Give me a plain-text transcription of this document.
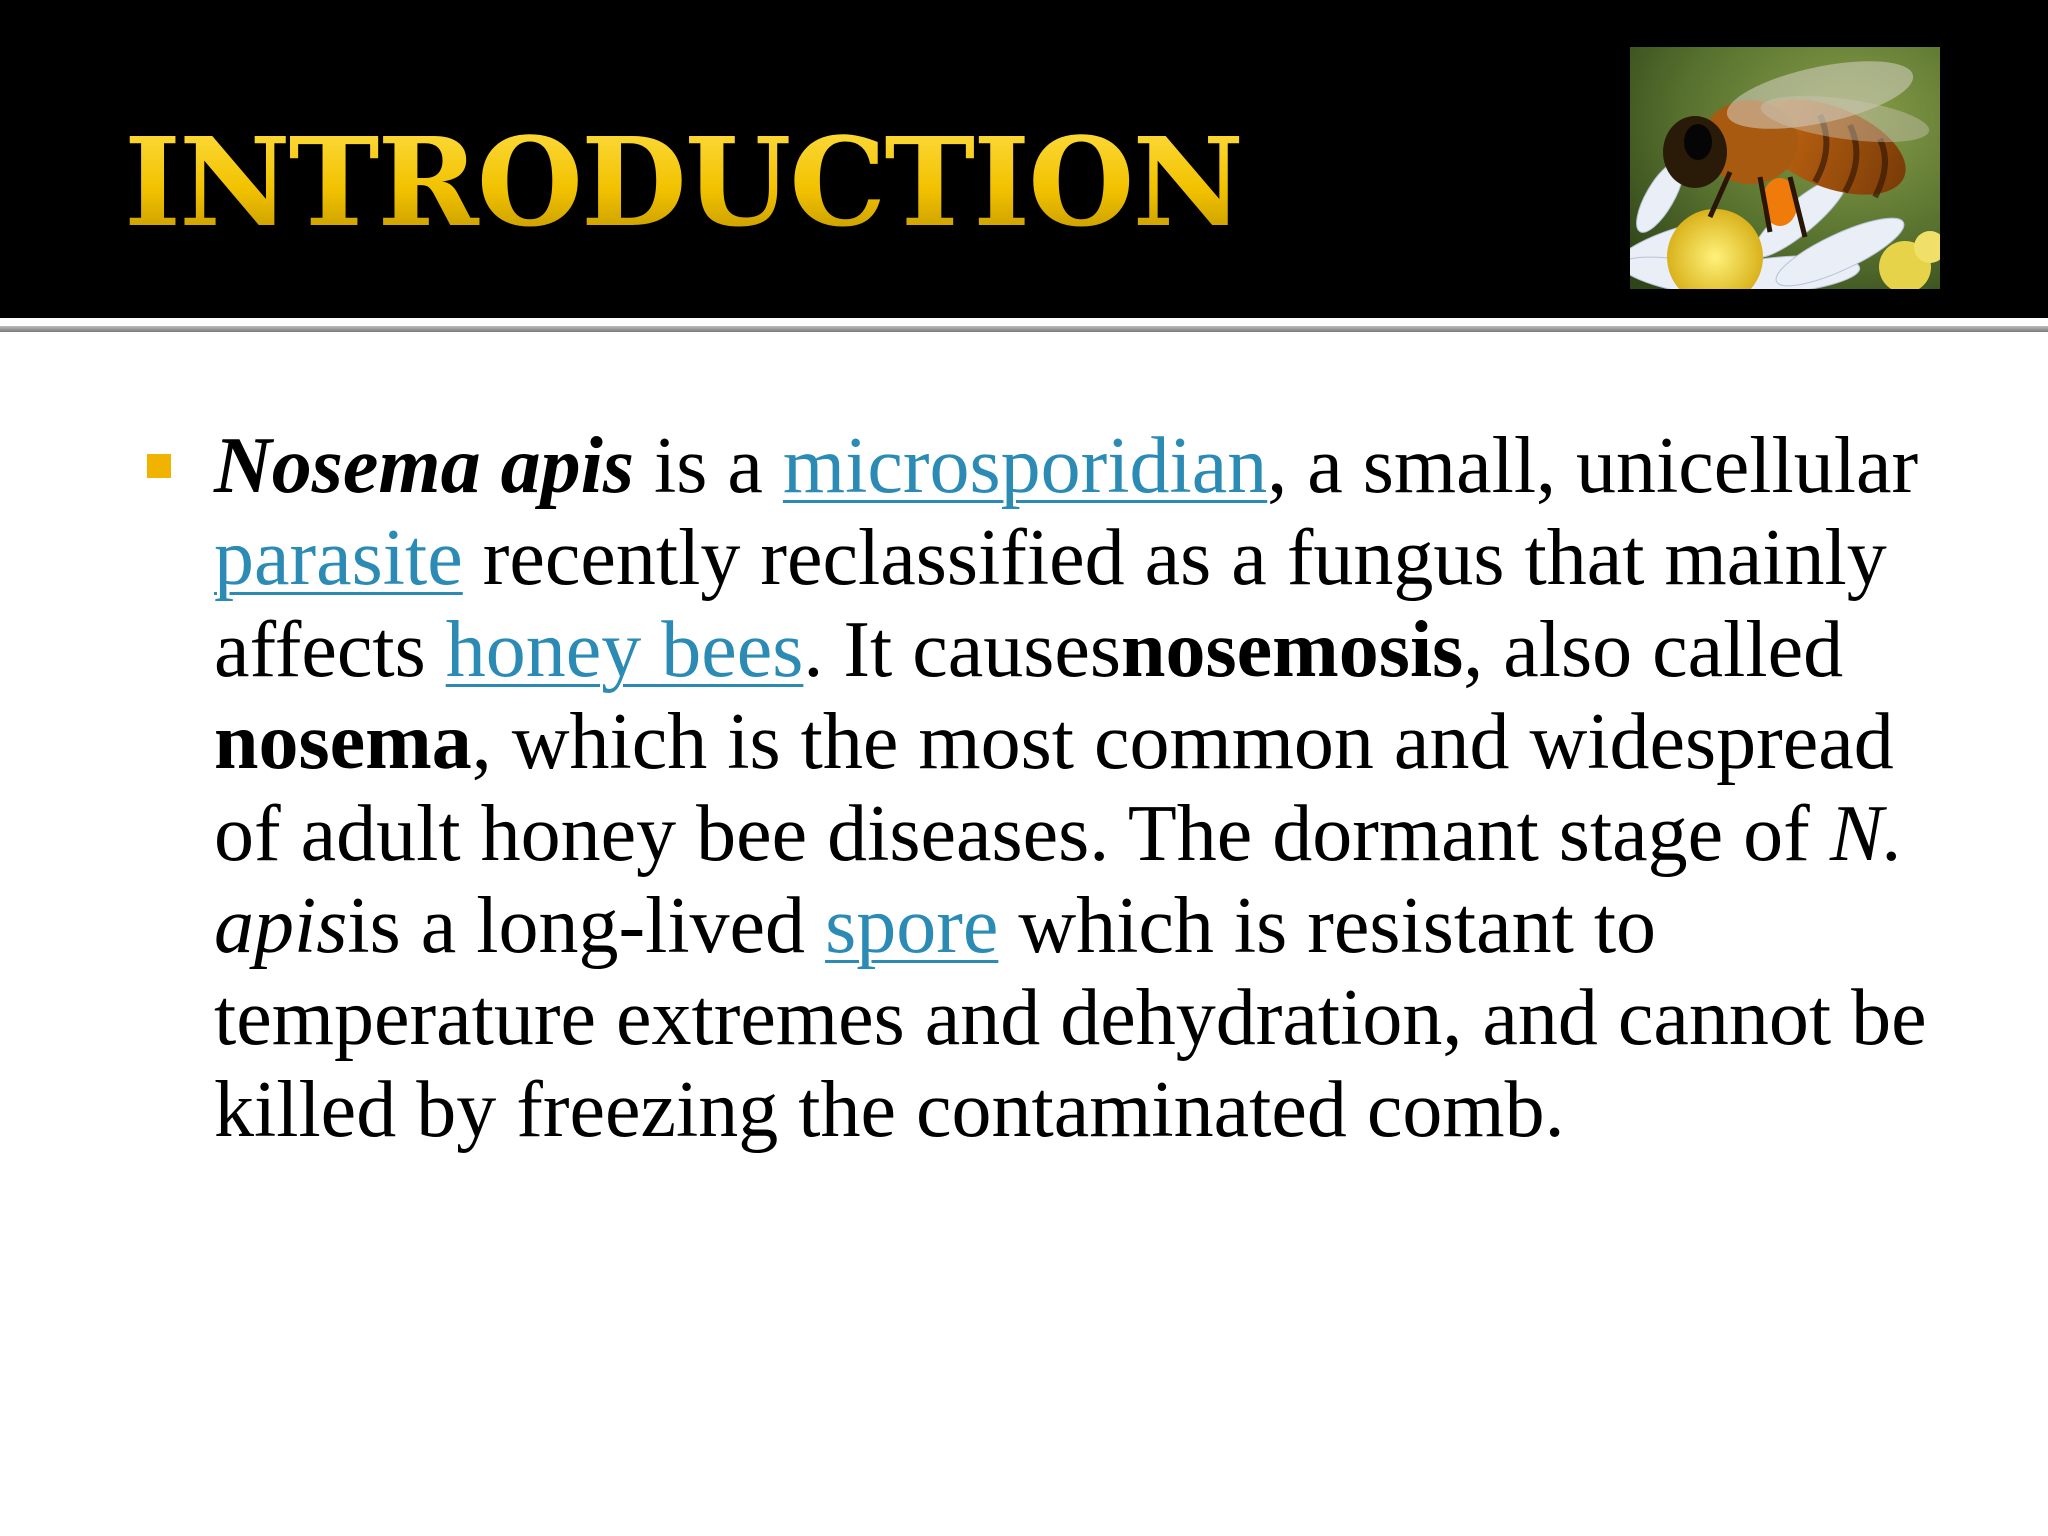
INTRODUCTION

Nosema apis is a microsporidian, a small, unicellular parasite recently reclassified as a fungus that mainly affects honey bees. It causesnosemosis, also called nosema, which is the most common and widespread of adult honey bee diseases. The dormant stage of N. apisis a long-lived spore which is resistant to temperature extremes and dehydration, and cannot be killed by freezing the contaminated comb.
